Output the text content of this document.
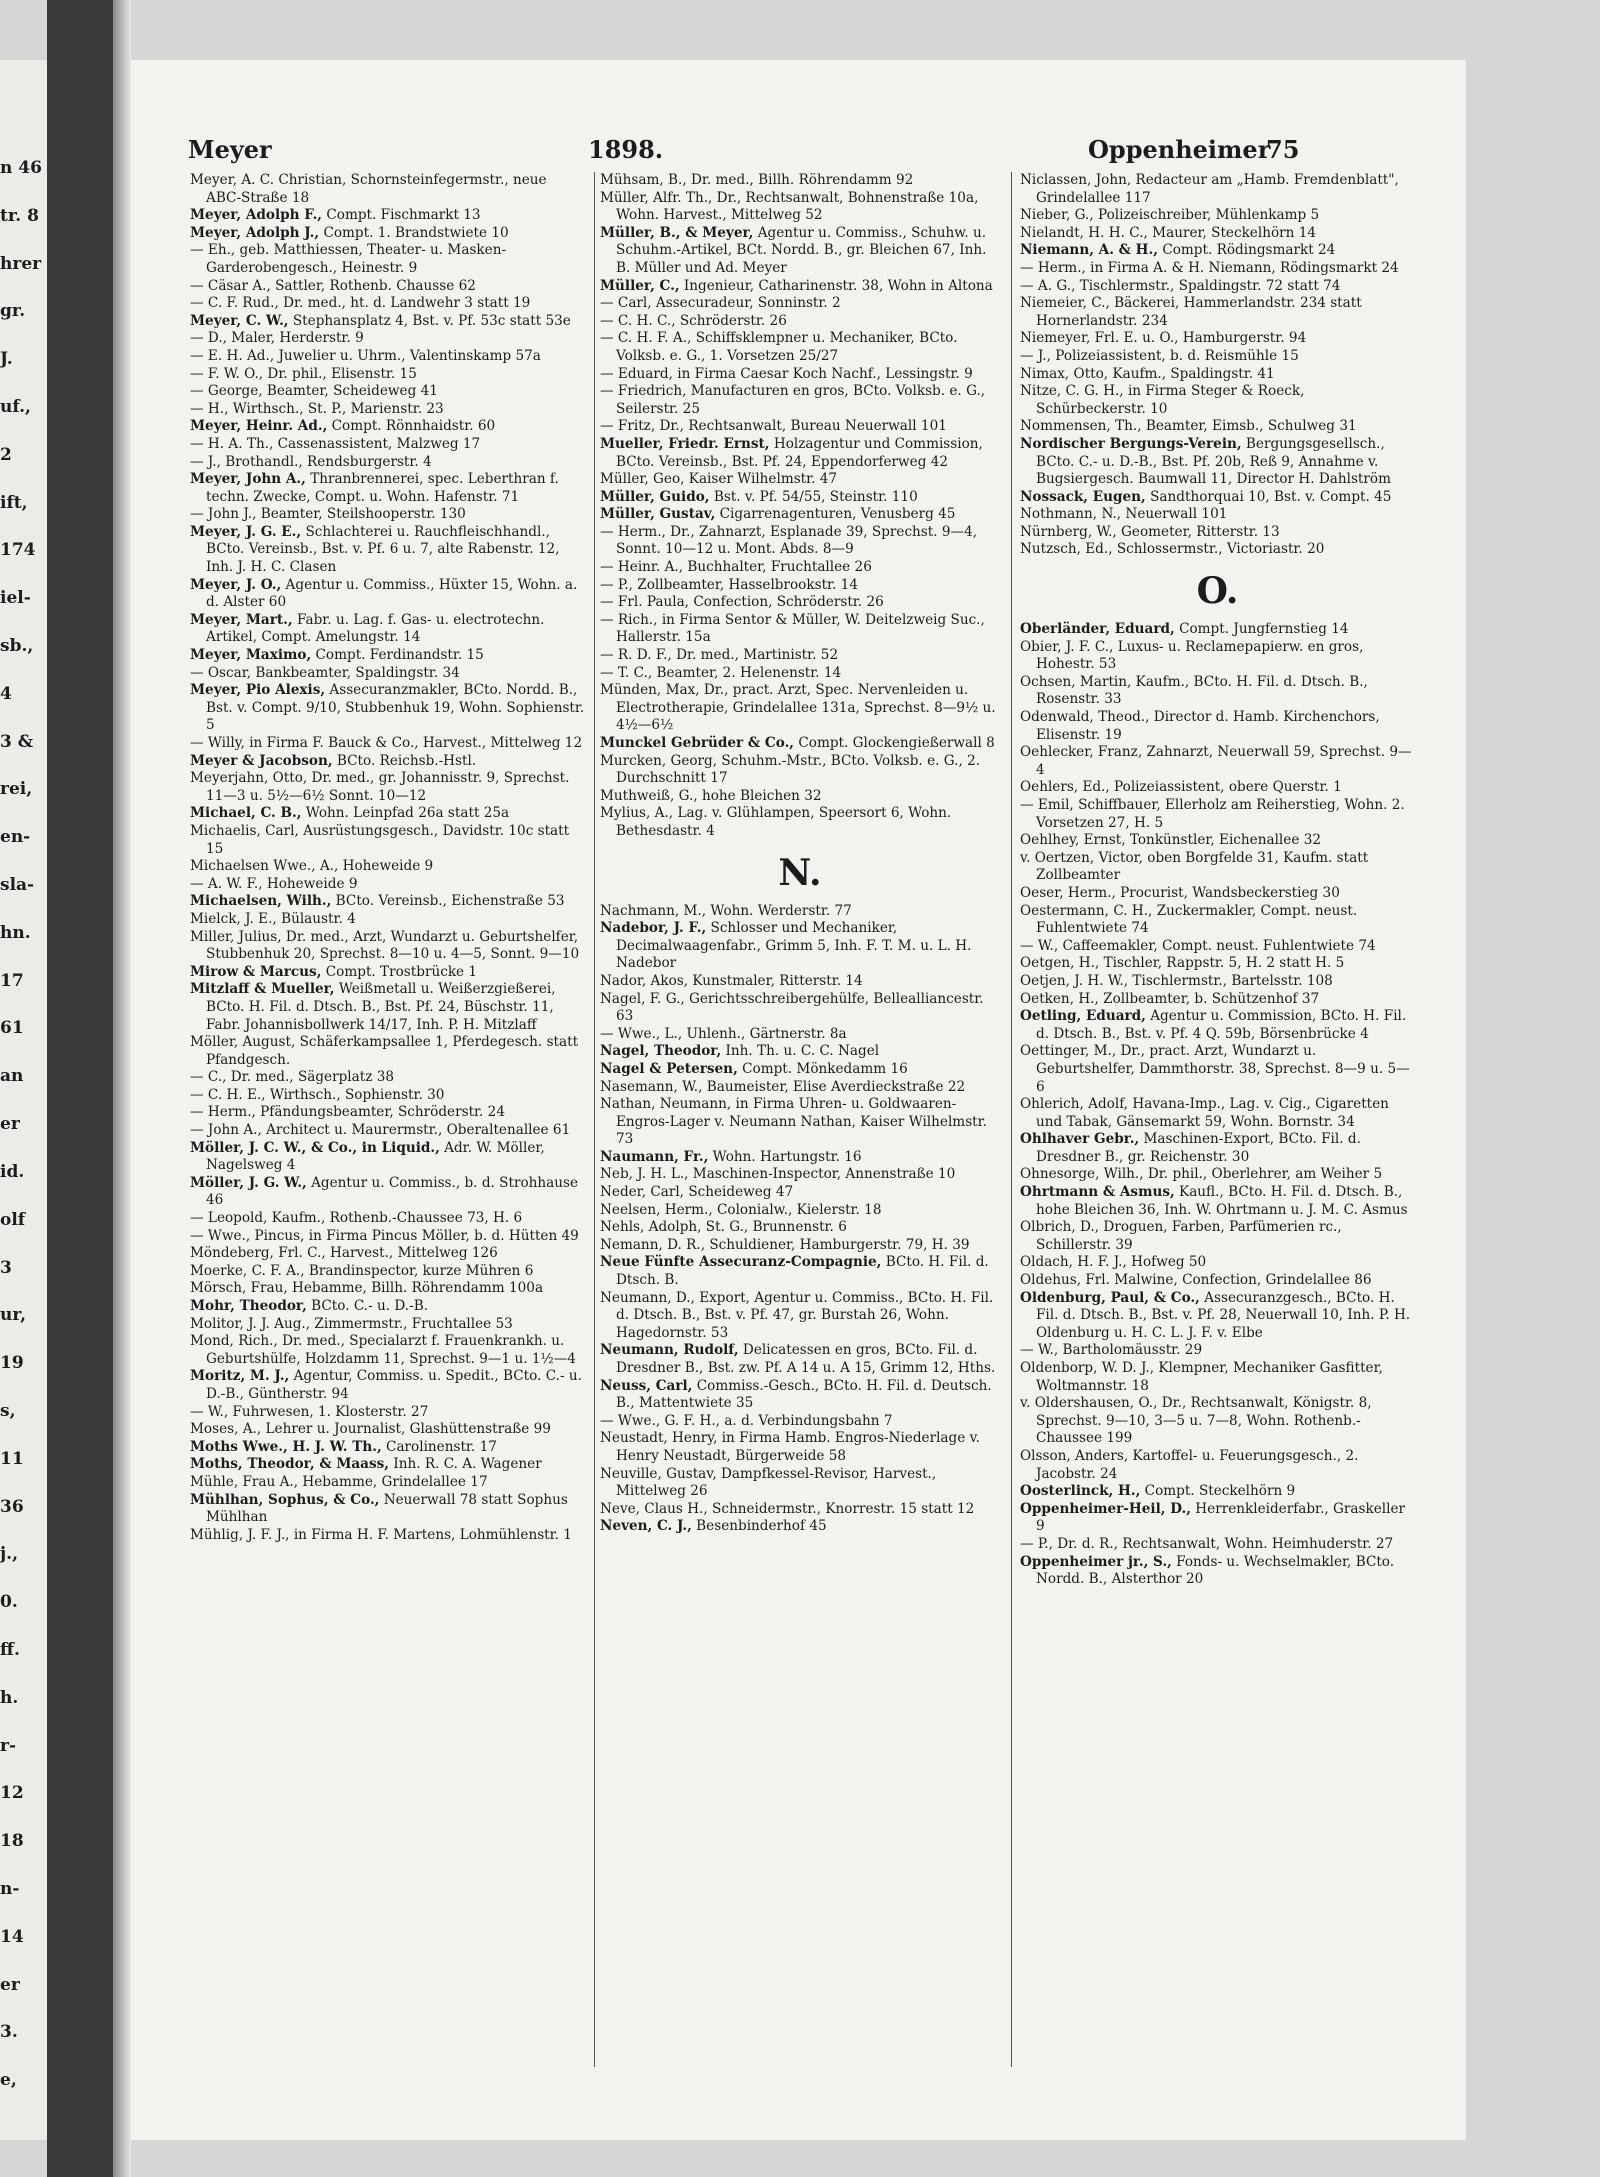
n 46
tr. 8
hrer
gr.
J.
uf.,
2
ift,
174
iel-
sb.,
4
3 &
rei,
en-
sla-
hn.
17
61
an
er
id.
olf
3
ur,
19
s,
11
36
j.,
0.
ff.
h.
r-
12
18
n-
14
er
3.
e,
Meyer	1898.	Oppenheimer
75

Meyer, A. C. Christian, Schornsteinfegermstr., neue ABC-Straße 18

Meyer, Adolph F., Compt. Fischmarkt 13

Meyer, Adolph J., Compt. 1. Brandstwiete 10

— Eh., geb. Matthiessen, Theater- u. Masken-Garderobengesch., Heinestr. 9

— Cäsar A., Sattler, Rothenb. Chausse 62

— C. F. Rud., Dr. med., ht. d. Landwehr 3 statt 19

Meyer, C. W., Stephansplatz 4, Bst. v. Pf. 53c statt 53e

— D., Maler, Herderstr. 9

— E. H. Ad., Juwelier u. Uhrm., Valentinskamp 57a

— F. W. O., Dr. phil., Elisenstr. 15

— George, Beamter, Scheideweg 41

— H., Wirthsch., St. P., Marienstr. 23

Meyer, Heinr. Ad., Compt. Rönnhaidstr. 60

— H. A. Th., Cassenassistent, Malzweg 17

— J., Brothandl., Rendsburgerstr. 4

Meyer, John A., Thranbrennerei, spec. Leberthran f. techn. Zwecke, Compt. u. Wohn. Hafenstr. 71

— John J., Beamter, Steilshooperstr. 130

Meyer, J. G. E., Schlachterei u. Rauchfleischhandl., BCto. Vereinsb., Bst. v. Pf. 6 u. 7, alte Rabenstr. 12, Inh. J. H. C. Clasen

Meyer, J. O., Agentur u. Commiss., Hüxter 15, Wohn. a. d. Alster 60

Meyer, Mart., Fabr. u. Lag. f. Gas- u. electrotechn. Artikel, Compt. Amelungstr. 14

Meyer, Maximo, Compt. Ferdinandstr. 15

— Oscar, Bankbeamter, Spaldingstr. 34

Meyer, Pio Alexis, Assecuranzmakler, BCto. Nordd. B., Bst. v. Compt. 9/10, Stubbenhuk 19, Wohn. Sophienstr. 5

— Willy, in Firma F. Bauck & Co., Harvest., Mittelweg 12

Meyer & Jacobson, BCto. Reichsb.-Hstl.

Meyerjahn, Otto, Dr. med., gr. Johannisstr. 9, Sprechst. 11—3 u. 5½—6½ Sonnt. 10—12

Michael, C. B., Wohn. Leinpfad 26a statt 25a

Michaelis, Carl, Ausrüstungsgesch., Davidstr. 10c statt 15

Michaelsen Wwe., A., Hoheweide 9

— A. W. F., Hoheweide 9

Michaelsen, Wilh., BCto. Vereinsb., Eichenstraße 53

Mielck, J. E., Bülaustr. 4

Miller, Julius, Dr. med., Arzt, Wundarzt u. Geburtshelfer, Stubbenhuk 20, Sprechst. 8—10 u. 4—5, Sonnt. 9—10

Mirow & Marcus, Compt. Trostbrücke 1

Mitzlaff & Mueller, Weißmetall u. Weißerzgießerei, BCto. H. Fil. d. Dtsch. B., Bst. Pf. 24, Büschstr. 11, Fabr. Johannisbollwerk 14/17, Inh. P. H. Mitzlaff

Möller, August, Schäferkampsallee 1, Pferdegesch. statt Pfandgesch.

— C., Dr. med., Sägerplatz 38

— C. H. E., Wirthsch., Sophienstr. 30

— Herm., Pfändungsbeamter, Schröderstr. 24

— John A., Architect u. Maurermstr., Oberaltenallee 61

Möller, J. C. W., & Co., in Liquid., Adr. W. Möller, Nagelsweg 4

Möller, J. G. W., Agentur u. Commiss., b. d. Strohhause 46

— Leopold, Kaufm., Rothenb.-Chaussee 73, H. 6

— Wwe., Pincus, in Firma Pincus Möller, b. d. Hütten 49

Möndeberg, Frl. C., Harvest., Mittelweg 126

Moerke, C. F. A., Brandinspector, kurze Mühren 6

Mörsch, Frau, Hebamme, Billh. Röhrendamm 100a

Mohr, Theodor, BCto. C.- u. D.-B.

Molitor, J. J. Aug., Zimmermstr., Fruchtallee 53

Mond, Rich., Dr. med., Specialarzt f. Frauenkrankh. u. Geburtshülfe, Holzdamm 11, Sprechst. 9—1 u. 1½—4

Moritz, M. J., Agentur, Commiss. u. Spedit., BCto. C.- u. D.-B., Güntherstr. 94

— W., Fuhrwesen, 1. Klosterstr. 27

Moses, A., Lehrer u. Journalist, Glashüttenstraße 99

Moths Wwe., H. J. W. Th., Carolinenstr. 17

Moths, Theodor, & Maass, Inh. R. C. A. Wagener

Mühle, Frau A., Hebamme, Grindelallee 17

Mühlhan, Sophus, & Co., Neuerwall 78 statt Sophus Mühlhan

Mühlig, J. F. J., in Firma H. F. Martens, Lohmühlenstr. 1

Mühsam, B., Dr. med., Billh. Röhrendamm 92

Müller, Alfr. Th., Dr., Rechtsanwalt, Bohnenstraße 10a, Wohn. Harvest., Mittelweg 52

Müller, B., & Meyer, Agentur u. Commiss., Schuhw. u. Schuhm.-Artikel, BCt. Nordd. B., gr. Bleichen 67, Inh. B. Müller und Ad. Meyer

Müller, C., Ingenieur, Catharinenstr. 38, Wohn in Altona

— Carl, Assecuradeur, Sonninstr. 2

— C. H. C., Schröderstr. 26

— C. H. F. A., Schiffsklempner u. Mechaniker, BCto. Volksb. e. G., 1. Vorsetzen 25/27

— Eduard, in Firma Caesar Koch Nachf., Lessingstr. 9

— Friedrich, Manufacturen en gros, BCto. Volksb. e. G., Seilerstr. 25

— Fritz, Dr., Rechtsanwalt, Bureau Neuerwall 101

Mueller, Friedr. Ernst, Holzagentur und Commission, BCto. Vereinsb., Bst. Pf. 24, Eppendorferweg 42

Müller, Geo, Kaiser Wilhelmstr. 47

Müller, Guido, Bst. v. Pf. 54/55, Steinstr. 110

Müller, Gustav, Cigarrenagenturen, Venusberg 45

— Herm., Dr., Zahnarzt, Esplanade 39, Sprechst. 9—4, Sonnt. 10—12 u. Mont. Abds. 8—9

— Heinr. A., Buchhalter, Fruchtallee 26

— P., Zollbeamter, Hasselbrookstr. 14

— Frl. Paula, Confection, Schröderstr. 26

— Rich., in Firma Sentor & Müller, W. Deitelzweig Suc., Hallerstr. 15a

— R. D. F., Dr. med., Martinistr. 52

— T. C., Beamter, 2. Helenenstr. 14

Münden, Max, Dr., pract. Arzt, Spec. Nervenleiden u. Electrotherapie, Grindelallee 131a, Sprechst. 8—9½ u. 4½—6½

Munckel Gebrüder & Co., Compt. Glockengießerwall 8

Murcken, Georg, Schuhm.-Mstr., BCto. Volksb. e. G., 2. Durchschnitt 17

Muthweiß, G., hohe Bleichen 32

Mylius, A., Lag. v. Glühlampen, Speersort 6, Wohn. Bethesdastr. 4

N.

Nachmann, M., Wohn. Werderstr. 77

Nadebor, J. F., Schlosser und Mechaniker, Decimalwaagenfabr., Grimm 5, Inh. F. T. M. u. L. H. Nadebor

Nador, Akos, Kunstmaler, Ritterstr. 14

Nagel, F. G., Gerichtsschreibergehülfe, Bellealliancestr. 63

— Wwe., L., Uhlenh., Gärtnerstr. 8a

Nagel, Theodor, Inh. Th. u. C. C. Nagel

Nagel & Petersen, Compt. Mönkedamm 16

Nasemann, W., Baumeister, Elise Averdieckstraße 22

Nathan, Neumann, in Firma Uhren- u. Goldwaaren-Engros-Lager v. Neumann Nathan, Kaiser Wilhelmstr. 73

Naumann, Fr., Wohn. Hartungstr. 16

Neb, J. H. L., Maschinen-Inspector, Annenstraße 10

Neder, Carl, Scheideweg 47

Neelsen, Herm., Colonialw., Kielerstr. 18

Nehls, Adolph, St. G., Brunnenstr. 6

Nemann, D. R., Schuldiener, Hamburgerstr. 79, H. 39

Neue Fünfte Assecuranz-Compagnie, BCto. H. Fil. d. Dtsch. B.

Neumann, D., Export, Agentur u. Commiss., BCto. H. Fil. d. Dtsch. B., Bst. v. Pf. 47, gr. Burstah 26, Wohn. Hagedornstr. 53

Neumann, Rudolf, Delicatessen en gros, BCto. Fil. d. Dresdner B., Bst. zw. Pf. A 14 u. A 15, Grimm 12, Hths.

Neuss, Carl, Commiss.-Gesch., BCto. H. Fil. d. Deutsch. B., Mattentwiete 35

— Wwe., G. F. H., a. d. Verbindungsbahn 7

Neustadt, Henry, in Firma Hamb. Engros-Niederlage v. Henry Neustadt, Bürgerweide 58

Neuville, Gustav, Dampfkessel-Revisor, Harvest., Mittelweg 26

Neve, Claus H., Schneidermstr., Knorrestr. 15 statt 12

Neven, C. J., Besenbinderhof 45

Niclassen, John, Redacteur am „Hamb. Fremdenblatt", Grindelallee 117

Nieber, G., Polizeischreiber, Mühlenkamp 5

Nielandt, H. H. C., Maurer, Steckelhörn 14

Niemann, A. & H., Compt. Rödingsmarkt 24

— Herm., in Firma A. & H. Niemann, Rödingsmarkt 24

— A. G., Tischlermstr., Spaldingstr. 72 statt 74

Niemeier, C., Bäckerei, Hammerlandstr. 234 statt Hornerlandstr. 234

Niemeyer, Frl. E. u. O., Hamburgerstr. 94

— J., Polizeiassistent, b. d. Reismühle 15

Nimax, Otto, Kaufm., Spaldingstr. 41

Nitze, C. G. H., in Firma Steger & Roeck, Schürbeckerstr. 10

Nommensen, Th., Beamter, Eimsb., Schulweg 31

Nordischer Bergungs-Verein, Bergungsgesellsch., BCto. C.- u. D.-B., Bst. Pf. 20b, Reß 9, Annahme v. Bugsiergesch. Baumwall 11, Director H. Dahlström

Nossack, Eugen, Sandthorquai 10, Bst. v. Compt. 45

Nothmann, N., Neuerwall 101

Nürnberg, W., Geometer, Ritterstr. 13

Nutzsch, Ed., Schlossermstr., Victoriastr. 20

O.

Oberländer, Eduard, Compt. Jungfernstieg 14

Obier, J. F. C., Luxus- u. Reclamepapierw. en gros, Hohestr. 53

Ochsen, Martin, Kaufm., BCto. H. Fil. d. Dtsch. B., Rosenstr. 33

Odenwald, Theod., Director d. Hamb. Kirchenchors, Elisenstr. 19

Oehlecker, Franz, Zahnarzt, Neuerwall 59, Sprechst. 9—4

Oehlers, Ed., Polizeiassistent, obere Querstr. 1

— Emil, Schiffbauer, Ellerholz am Reiherstieg, Wohn. 2. Vorsetzen 27, H. 5

Oehlhey, Ernst, Tonkünstler, Eichenallee 32

v. Oertzen, Victor, oben Borgfelde 31, Kaufm. statt Zollbeamter

Oeser, Herm., Procurist, Wandsbeckerstieg 30

Oestermann, C. H., Zuckermakler, Compt. neust. Fuhlentwiete 74

— W., Caffeemakler, Compt. neust. Fuhlentwiete 74

Oetgen, H., Tischler, Rappstr. 5, H. 2 statt H. 5

Oetjen, J. H. W., Tischlermstr., Bartelsstr. 108

Oetken, H., Zollbeamter, b. Schützenhof 37

Oetling, Eduard, Agentur u. Commission, BCto. H. Fil. d. Dtsch. B., Bst. v. Pf. 4 Q. 59b, Börsenbrücke 4

Oettinger, M., Dr., pract. Arzt, Wundarzt u. Geburtshelfer, Dammthorstr. 38, Sprechst. 8—9 u. 5—6

Ohlerich, Adolf, Havana-Imp., Lag. v. Cig., Cigaretten und Tabak, Gänsemarkt 59, Wohn. Bornstr. 34

Ohlhaver Gebr., Maschinen-Export, BCto. Fil. d. Dresdner B., gr. Reichenstr. 30

Ohnesorge, Wilh., Dr. phil., Oberlehrer, am Weiher 5

Ohrtmann & Asmus, Kaufl., BCto. H. Fil. d. Dtsch. B., hohe Bleichen 36, Inh. W. Ohrtmann u. J. M. C. Asmus

Olbrich, D., Droguen, Farben, Parfümerien rc., Schillerstr. 39

Oldach, H. F. J., Hofweg 50

Oldehus, Frl. Malwine, Confection, Grindelallee 86

Oldenburg, Paul, & Co., Assecuranzgesch., BCto. H. Fil. d. Dtsch. B., Bst. v. Pf. 28, Neuerwall 10, Inh. P. H. Oldenburg u. H. C. L. J. F. v. Elbe

— W., Bartholomäusstr. 29

Oldenborp, W. D. J., Klempner, Mechaniker Gasfitter, Woltmannstr. 18

v. Oldershausen, O., Dr., Rechtsanwalt, Königstr. 8, Sprechst. 9—10, 3—5 u. 7—8, Wohn. Rothenb.-Chaussee 199

Olsson, Anders, Kartoffel- u. Feuerungsgesch., 2. Jacobstr. 24

Oosterlinck, H., Compt. Steckelhörn 9

Oppenheimer-Heil, D., Herrenkleiderfabr., Graskeller 9

— P., Dr. d. R., Rechtsanwalt, Wohn. Heimhuderstr. 27

Oppenheimer jr., S., Fonds- u. Wechselmakler, BCto. Nordd. B., Alsterthor 20
